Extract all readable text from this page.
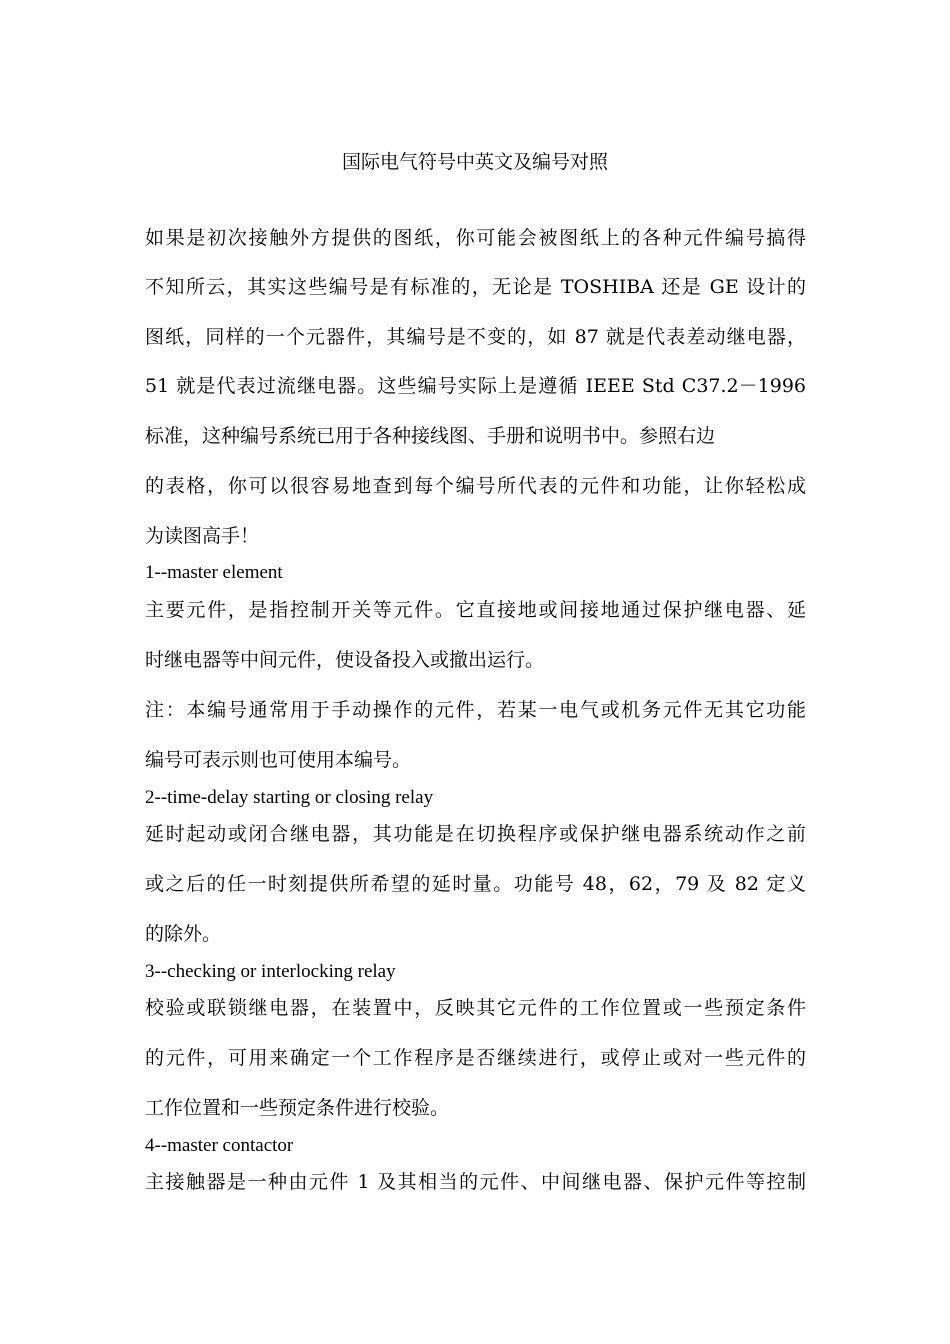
国际电气符号中英文及编号对照
如果是初次接触外方提供的图纸，你可能会被图纸上的各种元件编号搞得
不知所云，其实这些编号是有标准的，无论是 TOSHIBA 还是 GE 设计的
图纸，同样的一个元器件，其编号是不变的，如 87 就是代表差动继电器，
51 就是代表过流继电器。这些编号实际上是遵循 IEEE Std C37.2－1996
标准，这种编号系统已用于各种接线图、手册和说明书中。参照右边
的表格，你可以很容易地查到每个编号所代表的元件和功能，让你轻松成
为读图高手！
1--master element
主要元件，是指控制开关等元件。它直接地或间接地通过保护继电器、延
时继电器等中间元件，使设备投入或撤出运行。
注：本编号通常用于手动操作的元件，若某一电气或机务元件无其它功能
编号可表示则也可使用本编号。
2--time-delay starting or closing relay
延时起动或闭合继电器，其功能是在切换程序或保护继电器系统动作之前
或之后的任一时刻提供所希望的延时量。功能号 48，62，79 及 82 定义
的除外。
3--checking or interlocking relay
校验或联锁继电器，在装置中，反映其它元件的工作位置或一些预定条件
的元件，可用来确定一个工作程序是否继续进行，或停止或对一些元件的
工作位置和一些预定条件进行校验。
4--master contactor
主接触器是一种由元件 1 及其相当的元件、中间继电器、保护元件等控制
